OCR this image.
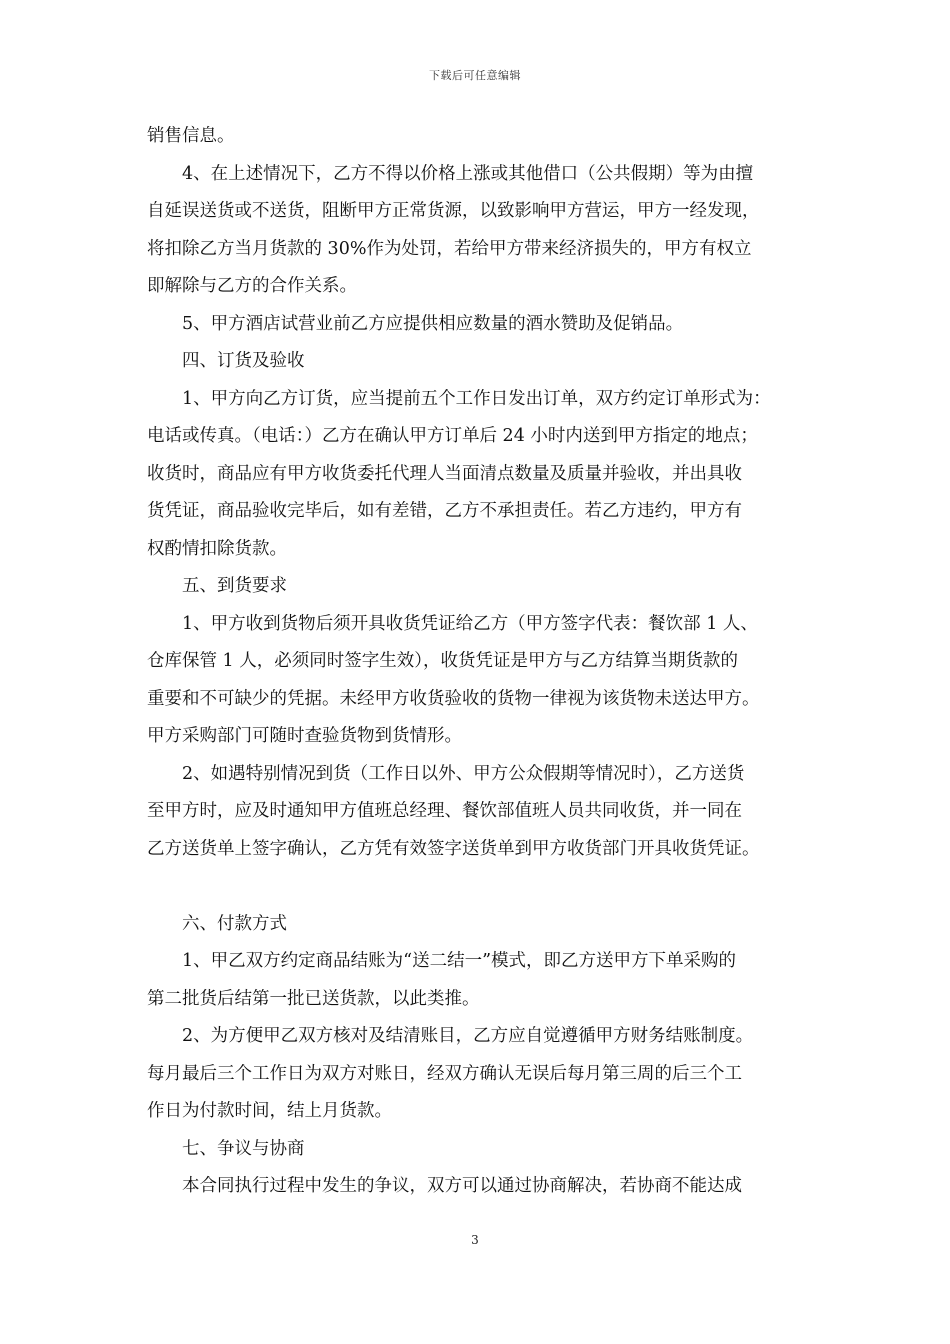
下载后可任意编辑
销售信息。
4、在上述情况下，乙方不得以价格上涨或其他借口（公共假期）等为由擅
自延误送货或不送货，阻断甲方正常货源，以致影响甲方营运，甲方一经发现，
将扣除乙方当月货款的 30%作为处罚，若给甲方带来经济损失的，甲方有权立
即解除与乙方的合作关系。
5、甲方酒店试营业前乙方应提供相应数量的酒水赞助及促销品。
四、订货及验收
1、甲方向乙方订货，应当提前五个工作日发出订单，双方约定订单形式为：
电话或传真。（电话：）乙方在确认甲方订单后 24 小时内送到甲方指定的地点；
收货时，商品应有甲方收货委托代理人当面清点数量及质量并验收，并出具收
货凭证，商品验收完毕后，如有差错，乙方不承担责任。若乙方违约，甲方有
权酌情扣除货款。
五、到货要求
1、甲方收到货物后须开具收货凭证给乙方（甲方签字代表：餐饮部 1 人、
仓库保管 1 人，必须同时签字生效），收货凭证是甲方与乙方结算当期货款的
重要和不可缺少的凭据。未经甲方收货验收的货物一律视为该货物未送达甲方。
甲方采购部门可随时查验货物到货情形。
2、如遇特别情况到货（工作日以外、甲方公众假期等情况时），乙方送货
至甲方时，应及时通知甲方值班总经理、餐饮部值班人员共同收货，并一同在
乙方送货单上签字确认，乙方凭有效签字送货单到甲方收货部门开具收货凭证。
六、付款方式
1、甲乙双方约定商品结账为“送二结一”模式，即乙方送甲方下单采购的
第二批货后结第一批已送货款，以此类推。
2、为方便甲乙双方核对及结清账目，乙方应自觉遵循甲方财务结账制度。
每月最后三个工作日为双方对账日，经双方确认无误后每月第三周的后三个工
作日为付款时间，结上月货款。
七、争议与协商
本合同执行过程中发生的争议，双方可以通过协商解决，若协商不能达成
3
